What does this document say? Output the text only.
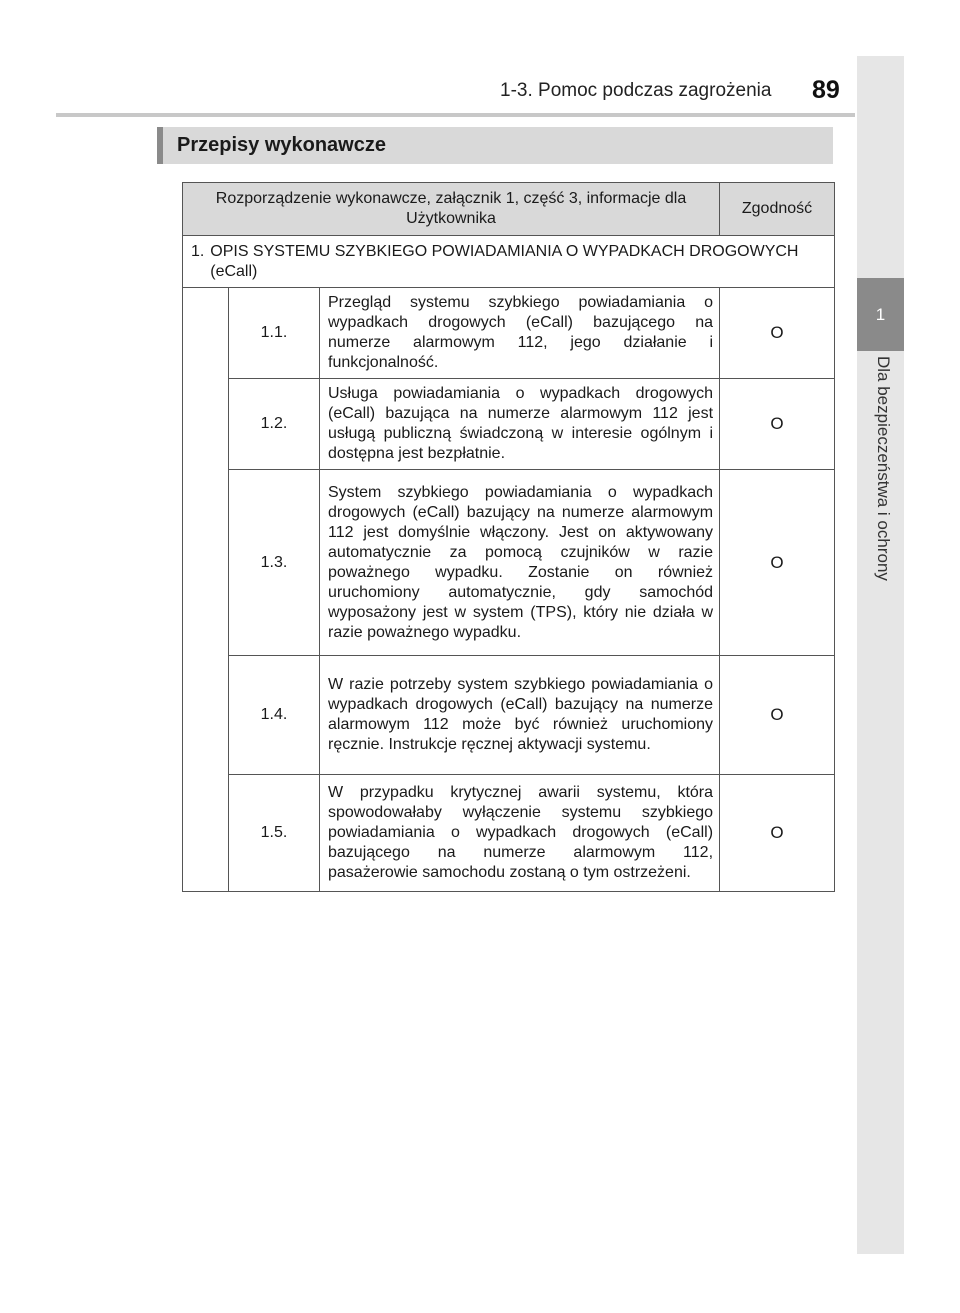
1-3. Pomoc podczas zagrożenia 89
1
Dla bezpieczeństwa i ochrony
Przepisy wykonawcze
Rozporządzenie wykonawcze, załącznik 1, część 3, informacje dla Użytkownika			Zgodność

1. OPIS SYSTEMU SZYBKIEGO POWIADAMIANIA O WYPADKACH DROGOWYCH (eCall)			

	1.1.	Przegląd systemu szybkiego powiadamiania o wypadkach drogowych (eCall) bazującego na numerze alarmowym 112, jego działanie i funkcjonalność.	O
	1.2.	Usługa powiadamiania o wypadkach drogowych (eCall) bazująca na numerze alarmowym 112 jest usługą publiczną świadczoną w interesie ogólnym i dostępna jest bezpłatnie.	O
	1.3.	System szybkiego powiadamiania o wypadkach drogowych (eCall) bazujący na numerze alarmowym 112 jest domyślnie włączony. Jest on aktywowany automatycznie za pomocą czujników w razie poważnego wypadku. Zostanie on również uruchomiony automatycznie, gdy samochód wyposażony jest w system (TPS), który nie działa w razie poważnego wypadku.	O
	1.4.	W razie potrzeby system szybkiego powiadamiania o wypadkach drogowych (eCall) bazujący na numerze alarmowym 112 może być również uruchomiony ręcznie. Instrukcje ręcznej aktywacji systemu.	O
	1.5.	W przypadku krytycznej awarii systemu, która spowodowałaby wyłączenie systemu szybkiego powiadamiania o wypadkach drogowych (eCall) bazującego na numerze alarmowym 112, pasażerowie samochodu zostaną o tym ostrzeżeni.	O
